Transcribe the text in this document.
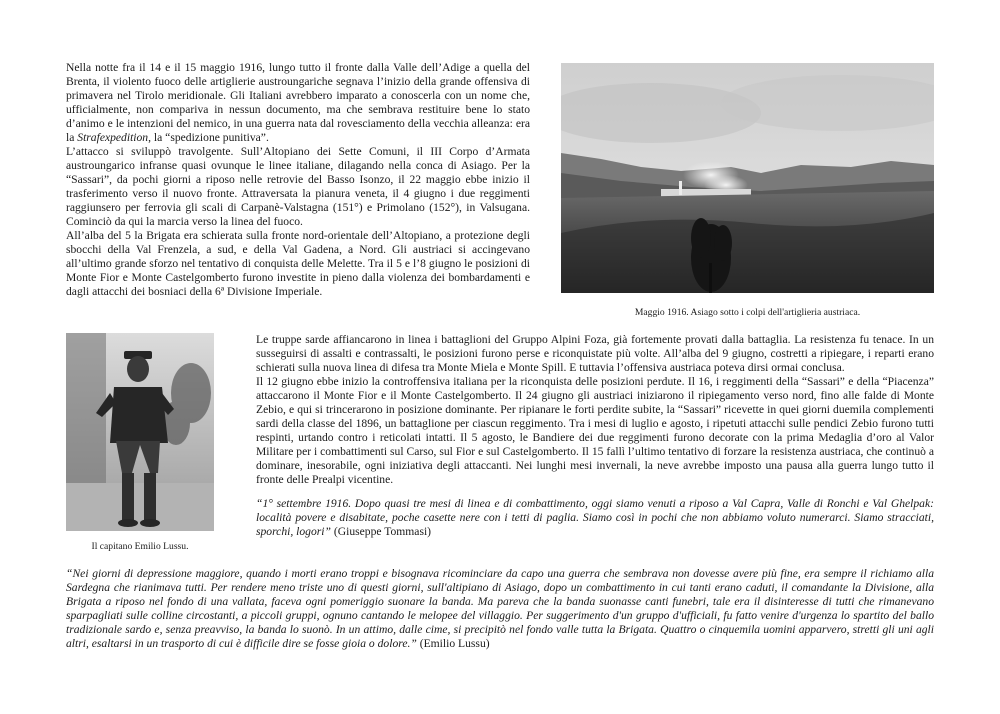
Nella notte fra il 14 e il 15 maggio 1916, lungo tutto il fronte dalla Valle dell’Adige a quella del Brenta, il violento fuoco delle artiglierie austroungariche segnava l’inizio della grande offensiva di primavera nel Tirolo meridionale. Gli Italiani avrebbero imparato a conoscerla con un nome che, ufficialmente, non compariva in nessun documento, ma che sembrava restituire bene lo stato d’animo e le intenzioni del nemico, in una guerra nata dal rovesciamento della vecchia alleanza: era la Strafexpedition, la “spedizione punitiva”.

L’attacco si sviluppò travolgente. Sull’Altopiano dei Sette Comuni, il III Corpo d’Armata austroungarico infranse quasi ovunque le linee italiane, dilagando nella conca di Asiago. Per la “Sassari”, da pochi giorni a riposo nelle retrovie del Basso Isonzo, il 22 maggio ebbe inizio il trasferimento verso il nuovo fronte. Attraversata la pianura veneta, il 4 giugno i due reggimenti raggiunsero per ferrovia gli scali di Carpanè-Valstagna (151°) e Primolano (152°), in Valsugana. Cominciò da qui la marcia verso la linea del fuoco.

All’alba del 5 la Brigata era schierata sulla fronte nord-orientale dell’Altopiano, a protezione degli sbocchi della Val Frenzela, a sud, e della Val Gadena, a Nord. Gli austriaci si accingevano all’ultimo grande sforzo nel tentativo di conquista delle Melette. Tra il 5 e l’8 giugno le posizioni di Monte Fior e Monte Castelgomberto furono investite in pieno dalla violenza dei bombardamenti e dagli attacchi dei bosniaci della 6ª Divisione Imperiale.

Maggio 1916. Asiago sotto i colpi dell'artiglieria austriaca.
Il capitano Emilio Lussu.

Le truppe sarde affiancarono in linea i battaglioni del Gruppo Alpini Foza, già fortemente provati dalla battaglia. La resistenza fu tenace. In un susseguirsi di assalti e contrassalti, le posizioni furono perse e riconquistate più volte. All’alba del 9 giugno, costretti a ripiegare, i reparti erano schierati sulla nuova linea di difesa tra Monte Miela e Monte Spill. E tuttavia l’offensiva austriaca poteva dirsi ormai conclusa.

Il 12 giugno ebbe inizio la controffensiva italiana per la riconquista delle posizioni perdute. Il 16, i reggimenti della “Sassari” e della “Piacenza” attaccarono il Monte Fior e il Monte Castelgomberto. Il 24 giugno gli austriaci iniziarono il ripiegamento verso nord, fino alle falde di Monte Zebio, e qui si trincerarono in posizione dominante. Per ripianare le forti perdite subite, la “Sassari” ricevette in quei giorni duemila complementi sardi della classe del 1896, un battaglione per ciascun reggimento. Tra i mesi di luglio e agosto, i ripetuti attacchi sulle pendici Zebio furono tutti respinti, urtando contro i reticolati intatti. Il 5 agosto, le Bandiere dei due reggimenti furono decorate con la prima Medaglia d’oro al Valor Militare per i combattimenti sul Carso, sul Fior e sul Castelgomberto. Il 15 fallì l’ultimo tentativo di forzare la resistenza austriaca, che continuò a dominare, inesorabile, ogni iniziativa degli attaccanti. Nei lunghi mesi invernali, la neve avrebbe imposto una pausa alla guerra lungo tutto il fronte delle Prealpi vicentine.

“1° settembre 1916. Dopo quasi tre mesi di linea e di combattimento, oggi siamo venuti a riposo a Val Capra, Valle di Ronchi e Val Ghelpak: località povere e disabitate, poche casette nere con i tetti di paglia. Siamo così in pochi che non abbiamo voluto numerarci. Siamo stracciati, sporchi, logori” (Giuseppe Tommasi)

“Nei giorni di depressione maggiore, quando i morti erano troppi e bisognava ricominciare da capo una guerra che sembrava non dovesse avere più fine, era sempre il richiamo alla Sardegna che rianimava tutti. Per rendere meno triste uno di questi giorni, sull'altipiano di Asiago, dopo un combattimento in cui tanti erano caduti, il comandante la Divisione, alla Brigata a riposo nel fondo di una vallata, faceva ogni pomeriggio suonare la banda. Ma pareva che la banda suonasse canti funebri, tale era il disinteresse di tutti che rimanevano sparpagliati sulle colline circostanti, a piccoli gruppi, ognuno cantando le melopee del villaggio. Per suggerimento d'un gruppo d'ufficiali, fu fatto venire d'urgenza lo spartito del ballo tradizionale sardo e, senza preavviso, la banda lo suonò. In un attimo, dalle cime, si precipitò nel fondo valle tutta la Brigata. Quattro o cinquemila uomini apparvero, stretti gli uni agli altri, esaltarsi in un trasporto di cui è difficile dire se fosse gioia o dolore.” (Emilio Lussu)
